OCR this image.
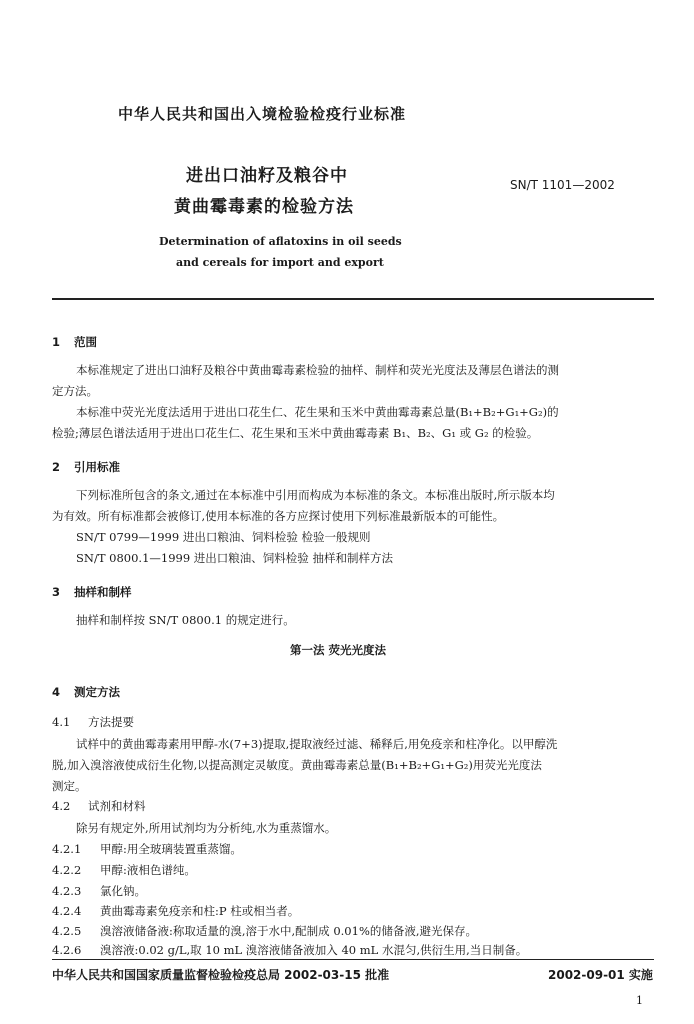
中华人民共和国出入境检验检疫行业标准
进出口油籽及粮谷中
黄曲霉毒素的检验方法
SN/T 1101—2002
Determination of aflatoxins in oil seeds
and cereals for import and export
1 范围
本标准规定了进出口油籽及粮谷中黄曲霉毒素检验的抽样、制样和荧光光度法及薄层色谱法的测
定方法。
本标准中荧光光度法适用于进出口花生仁、花生果和玉米中黄曲霉毒素总量(B₁+B₂+G₁+G₂)的
检验;薄层色谱法适用于进出口花生仁、花生果和玉米中黄曲霉毒素 B₁、B₂、G₁ 或 G₂ 的检验。
2 引用标准
下列标准所包含的条文,通过在本标准中引用而构成为本标准的条文。本标准出版时,所示版本均
为有效。所有标准都会被修订,使用本标准的各方应探讨使用下列标准最新版本的可能性。
SN/T 0799—1999 进出口粮油、饲料检验 检验一般规则
SN/T 0800.1—1999 进出口粮油、饲料检验 抽样和制样方法
3 抽样和制样
抽样和制样按 SN/T 0800.1 的规定进行。
第一法 荧光光度法
4 测定方法
4.1 方法提要
试样中的黄曲霉毒素用甲醇-水(7+3)提取,提取液经过滤、稀释后,用免疫亲和柱净化。以甲醇洗
脱,加入溴溶液使成衍生化物,以提高测定灵敏度。黄曲霉毒素总量(B₁+B₂+G₁+G₂)用荧光光度法
测定。
4.2 试剂和材料
除另有规定外,所用试剂均为分析纯,水为重蒸馏水。
4.2.1 甲醇:用全玻璃装置重蒸馏。
4.2.2 甲醇:液相色谱纯。
4.2.3 氯化钠。
4.2.4 黄曲霉毒素免疫亲和柱:P 柱或相当者。
4.2.5 溴溶液储备液:称取适量的溴,溶于水中,配制成 0.01%的储备液,避光保存。
4.2.6 溴溶液:0.02 g/L,取 10 mL 溴溶液储备液加入 40 mL 水混匀,供衍生用,当日制备。
中华人民共和国国家质量监督检验检疫总局 2002-03-15 批准	2002-09-01 实施
1
